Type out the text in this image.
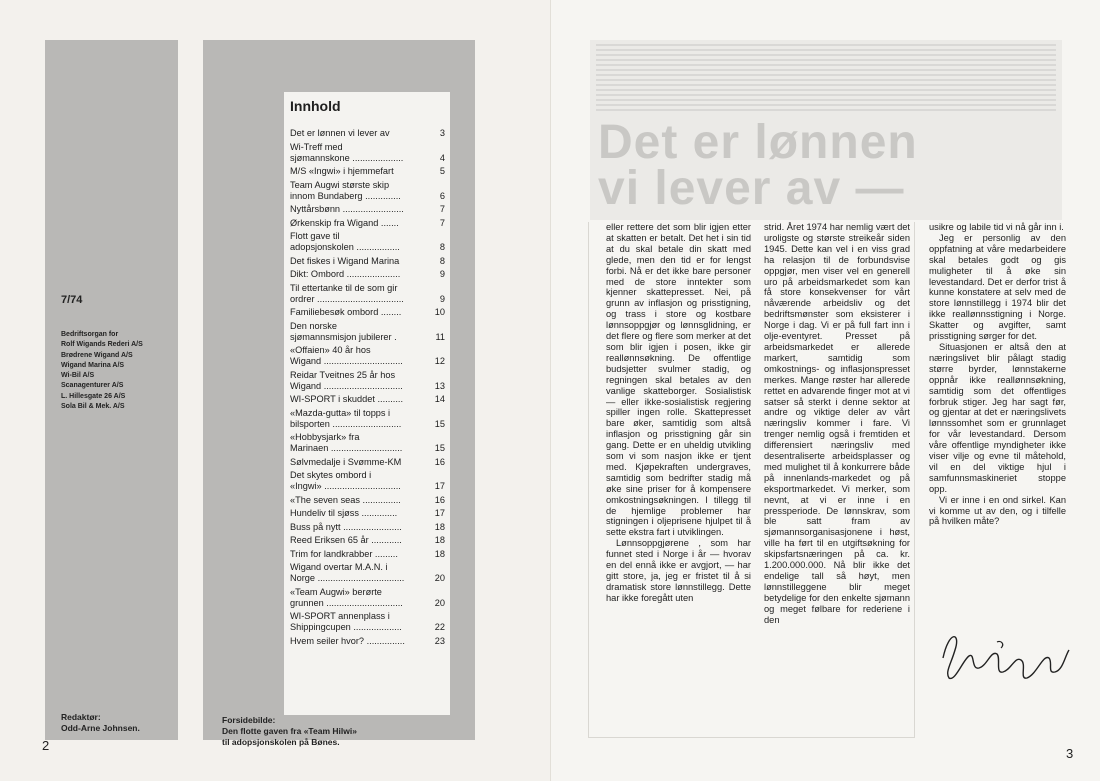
7/74
Bedriftsorgan for
Rolf Wigands Rederi A/S
Brødrene Wigand A/S
Wigand Marina A/S
Wi-Bil A/S
Scanagenturer A/S
L. Hillesgate 26 A/S
Sola Bil & Mek. A/S
Redaktør:
Odd-Arne Johnsen.
Innhold
Det er lønnen vi lever av	3
Wi-Treff med
sjømannskone ....................	4
M/S «Ingwi» i hjemmefart	5
Team Augwi største skip
innom Bundaberg ..............	6
Nyttårsbønn ........................	7
Ørkenskip fra Wigand .......	7
Flott gave til
adopsjonskolen .................	8
Det fiskes i Wigand Marina	8
Dikt: Ombord .....................	9
Til ettertanke til de som gir
ordrer ..................................	9
Familiebesøk ombord ........	10
Den norske
sjømannsmisjon jubilerer .	11
«Offaien» 40 år hos
Wigand ...............................	12
Reidar Tveitnes 25 år hos
Wigand ...............................	13
WI-SPORT i skuddet ..........	14
«Mazda-gutta» til topps i
bilsporten ...........................	15
«Hobbysjark» fra
Marinaen ............................	15
Sølvmedalje i Svømme-KM	16
Det skytes ombord i
«Ingwi» ..............................	17
«The seven seas ...............	16
Hundeliv til sjøss ..............	17
Buss på nytt .......................	18
Reed Eriksen 65 år ............	18
Trim for landkrabber .........	18
Wigand overtar M.A.N. i
Norge ..................................	20
«Team Augwi» berørte
grunnen ..............................	20
WI-SPORT annenplass i
Shippingcupen ...................	22
Hvem seiler hvor? ...............	23
Forsidebilde:
Den flotte gaven fra «Team Hilwi»
til adopsjonskolen på Bønes.
2
Det er lønnen
vi lever av —

eller rettere det som blir igjen etter at skatten er betalt. Det het i sin tid at du skal betale din skatt med glede, men den tid er for lengst forbi. Nå er det ikke bare personer med de store inntekter som kjenner skattepresset. Nei, på grunn av inflasjon og prisstigning, og trass i store og kostbare lønnsoppgjør og lønnsglidning, er det flere og flere som merker at det som blir igjen i posen, ikke gir reallønnsøkning. De offentlige budsjetter svulmer stadig, og regningen skal betales av den vanlige skatteborger. Sosialistisk — eller ikke-sosialistisk regjering spiller ingen rolle. Skattepresset bare øker, samtidig som altså inflasjon og prisstigning går sin gang. Dette er en uheldig utvikling som vi som nasjon ikke er tjent med. Kjøpekraften undergraves, samtidig som bedrifter stadig må øke sine priser for å kompensere omkostningsøkningen. I tillegg til de hjemlige problemer har stigningen i oljeprisene hjulpet til å sette ekstra fart i utviklingen.

Lønnsoppgjørene , som har funnet sted i Norge i år — hvorav en del ennå ikke er avgjort, — har gitt store, ja, jeg er fristet til å si dramatisk store lønnstillegg. Dette har ikke foregått uten

strid. Året 1974 har nemlig vært det uroligste og største streikeår siden 1945. Dette kan vel i en viss grad ha relasjon til de forbundsvise oppgjør, men viser vel en generell uro på arbeidsmarkedet som kan få store konsekvenser for vårt nåværende arbeidsliv og det bedriftsmønster som eksisterer i Norge i dag. Vi er på full fart inn i olje-eventyret. Presset på arbeidsmarkedet er allerede markert, samtidig som omkostnings- og inflasjonspresset merkes. Mange røster har allerede rettet en advarende finger mot at vi satser så sterkt i denne sektor at andre og viktige deler av vårt næringsliv kommer i fare. Vi trenger nemlig også i fremtiden et differensiert næringsliv med desentraliserte arbeidsplasser og med mulighet til å konkurrere både på innenlands-markedet og på eksportmarkedet. Vi merker, som nevnt, at vi er inne i en pressperiode. De lønnskrav, som ble satt fram av sjømannsorganisasjonene i høst, ville ha ført til en utgiftsøkning for skipsfartsnæringen på ca. kr. 1.200.000.000. Nå blir ikke det endelige tall så høyt, men lønnstilleggene blir meget betydelige for den enkelte sjømann og meget følbare for rederiene i den

usikre og labile tid vi nå går inn i.

Jeg er personlig av den oppfatning at våre medarbeidere skal betales godt og gis muligheter til å øke sin levestandard. Det er derfor trist å kunne konstatere at selv med de store lønnstillegg i 1974 blir det ikke reallønnsstigning i Norge. Skatter og avgifter, samt prisstigning sørger for det.

Situasjonen er altså den at næringslivet blir pålagt stadig større byrder, lønnstakerne oppnår ikke reallønnsøkning, samtidig som det offentliges forbruk stiger. Jeg har sagt før, og gjentar at det er næringslivets lønnssomhet som er grunnlaget for vår levestandard. Dersom våre offentlige myndigheter ikke viser vilje og evne til måtehold, vil en del viktige hjul i samfunnsmaskineriet stoppe opp.

Vi er inne i en ond sirkel. Kan vi komme ut av den, og i tilfelle på hvilken måte?

3
